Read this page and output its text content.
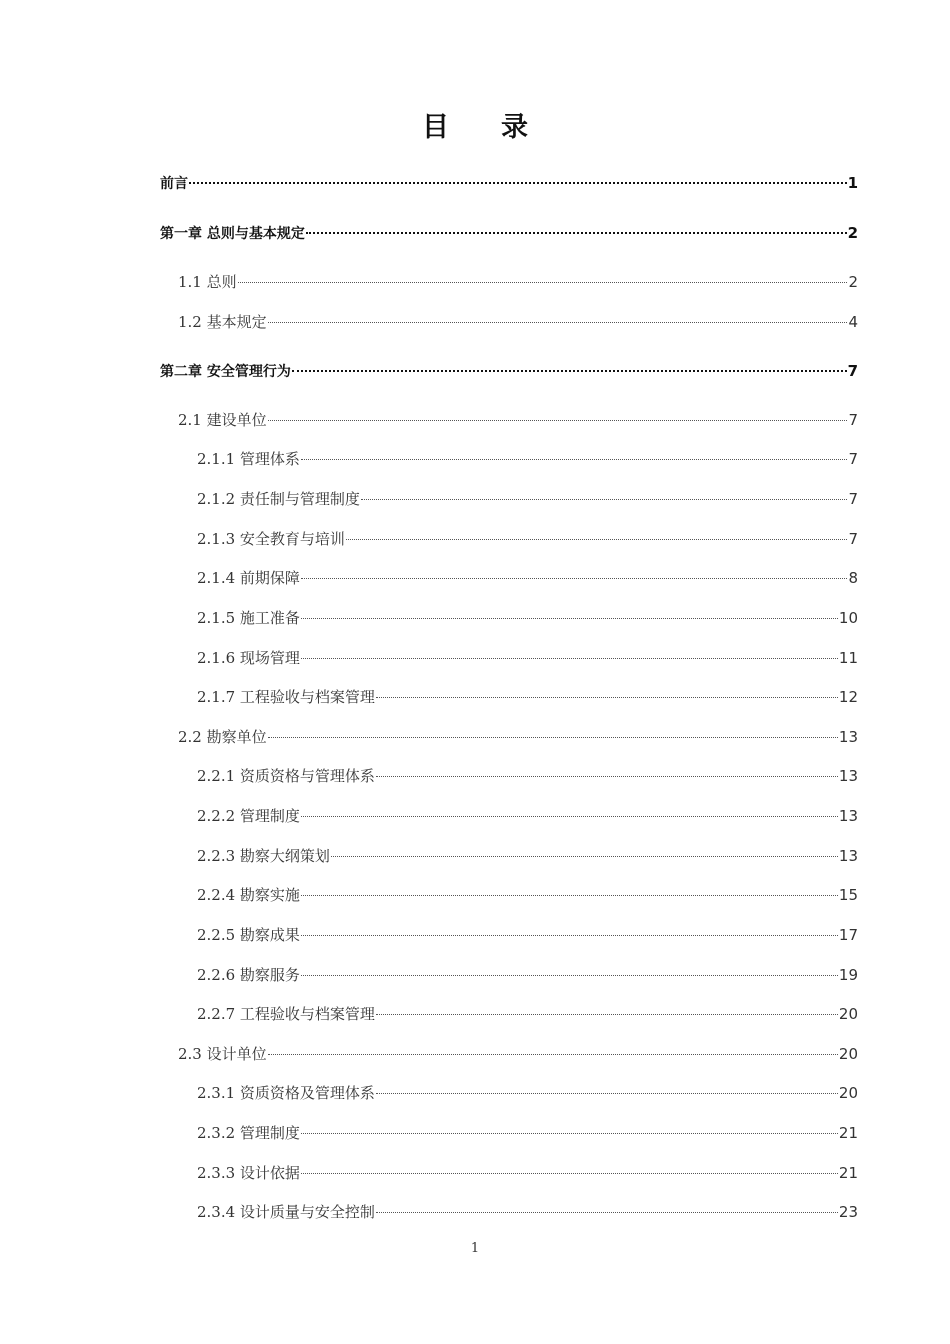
目 录
前言	1
第一章 总则与基本规定	2
1.1 总则	2
1.2 基本规定	4
第二章 安全管理行为	7
2.1 建设单位	7
2.1.1 管理体系	7
2.1.2 责任制与管理制度	7
2.1.3 安全教育与培训	7
2.1.4 前期保障	8
2.1.5 施工准备	10
2.1.6 现场管理	11
2.1.7 工程验收与档案管理	12
2.2 勘察单位	13
2.2.1 资质资格与管理体系	13
2.2.2 管理制度	13
2.2.3 勘察大纲策划	13
2.2.4 勘察实施	15
2.2.5 勘察成果	17
2.2.6 勘察服务	19
2.2.7 工程验收与档案管理	20
2.3 设计单位	20
2.3.1 资质资格及管理体系	20
2.3.2 管理制度	21
2.3.3 设计依据	21
2.3.4 设计质量与安全控制	23
1
